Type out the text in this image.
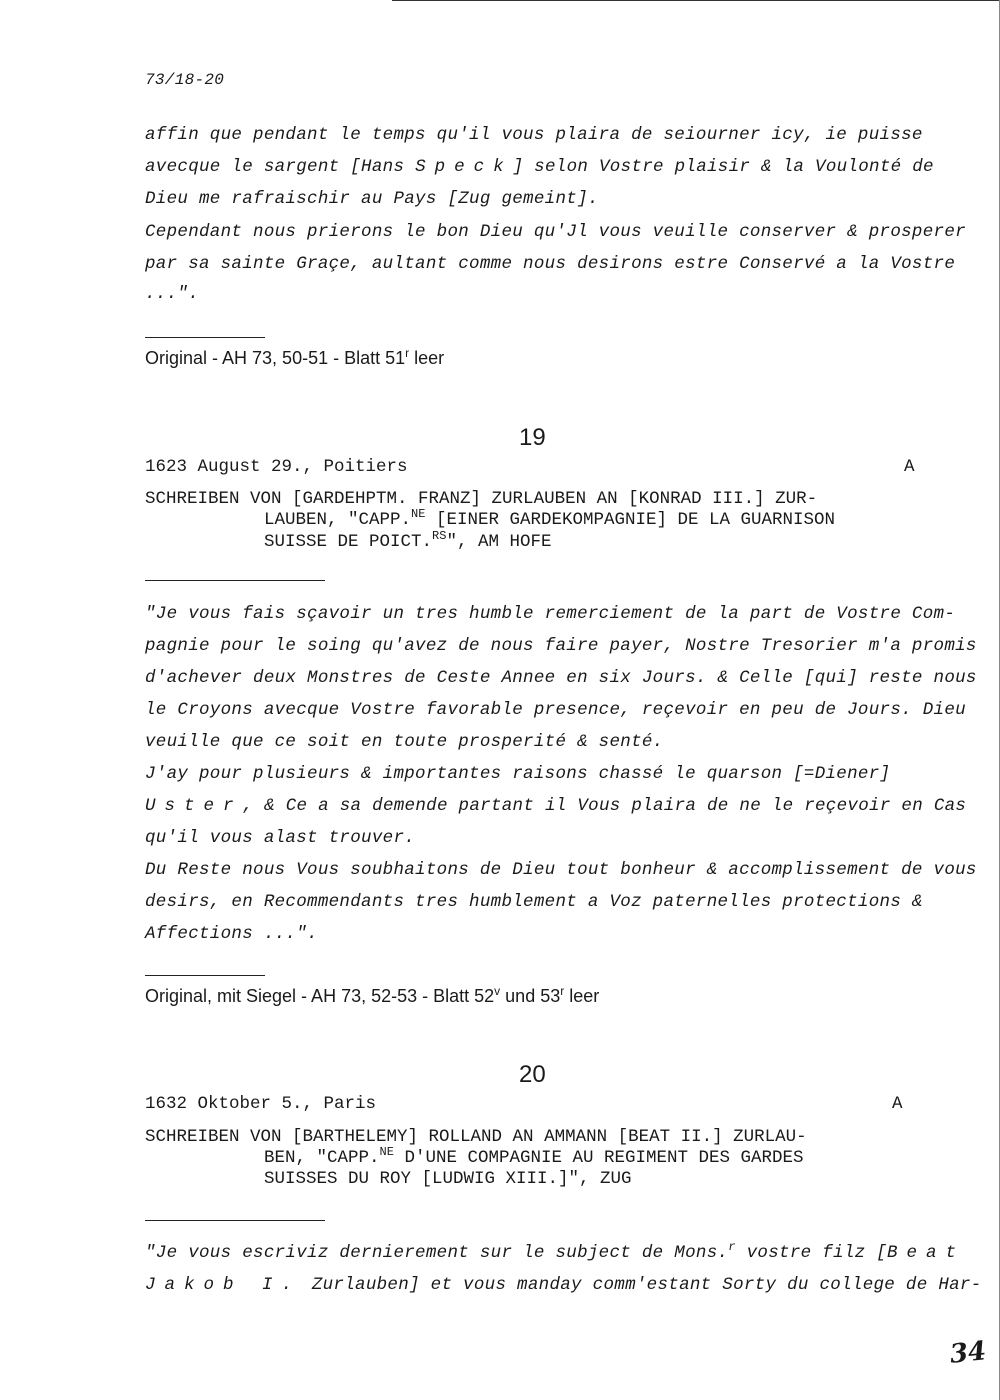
73/18-20
affin que pendant le temps qu'il vous plaira de seiourner icy, ie puisse
avecque le sargent [Hans Speck] selon Vostre plaisir & la Voulonté de
Dieu me rafraischir au Pays [Zug gemeint].
Cependant nous prierons le bon Dieu qu'Jl vous veuille conserver & prosperer
par sa sainte Graçe, aultant comme nous desirons estre Conservé a la Vostre
...".
Original - AH 73, 50-51 - Blatt 51$^r$ leer
19
1623 August 29., Poitiers	A
SCHREIBEN VON [GARDEHPTM. FRANZ] ZURLAUBEN AN [KONRAD III.] ZUR-
LAUBEN, "CAPP.$^{NE}$ [EINER GARDEKOMPAGNIE] DE LA GUARNISON
SUISSE DE POICT.$^{RS}$", AM HOFE
"Je vous fais sçavoir un tres humble remerciement de la part de Vostre Com-
pagnie pour le soing qu'avez de nous faire payer, Nostre Tresorier m'a promis
d'achever deux Monstres de Ceste Annee en six Jours. & Celle [qui] reste nous
le Croyons avecque Vostre favorable presence, reçevoir en peu de Jours. Dieu
veuille que ce soit en toute prosperité & senté.
J'ay pour plusieurs & importantes raisons chassé le quarson [=Diener]
Uster, & Ce a sa demende partant il Vous plaira de ne le reçevoir en Cas
qu'il vous alast trouver.
Du Reste nous Vous soubhaitons de Dieu tout bonheur & accomplissement de vous
desirs, en Recommendants tres humblement a Voz paternelles protections &
Affections ...".
Original, mit Siegel - AH 73, 52-53 - Blatt 52$^v$ und 53$^r$ leer
20
1632 Oktober 5., Paris	A
SCHREIBEN VON [BARTHELEMY] ROLLAND AN AMMANN [BEAT II.] ZURLAU-
BEN, "CAPP.$^{NE}$ D'UNE COMPAGNIE AU REGIMENT DES GARDES
SUISSES DU ROY [LUDWIG XIII.]", ZUG
"Je vous escriviz dernierement sur le subject de Mons.$^r$ vostre filz [Beat
Jakob I. Zurlauben] et vous manday comm'estant Sorty du college de Har-
34
